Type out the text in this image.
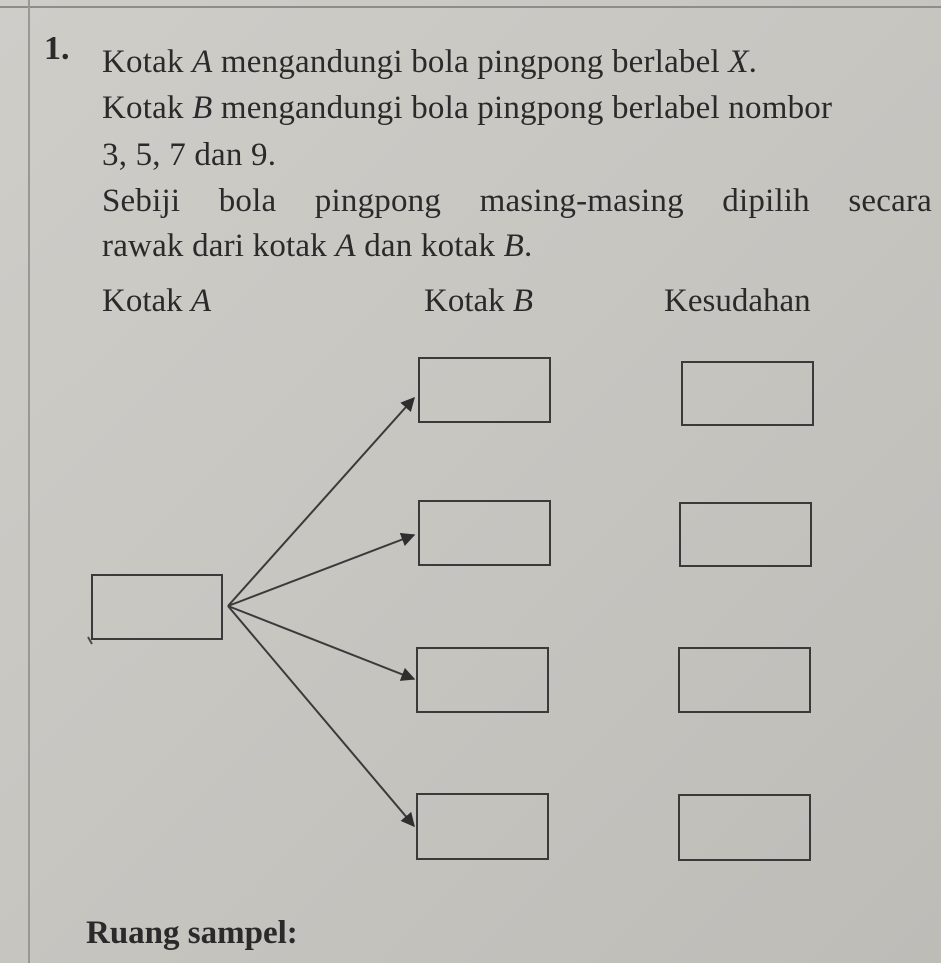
1. Kotak A mengandungi bola pingpong berlabel X.
Kotak B mengandungi bola pingpong berlabel nombor
3, 5, 7 dan 9.
Sebiji bola pingpong masing-masing dipilih secara
rawak dari kotak A dan kotak B.
Kotak A	Kotak B	Kesudahan
Ruang sampel:
